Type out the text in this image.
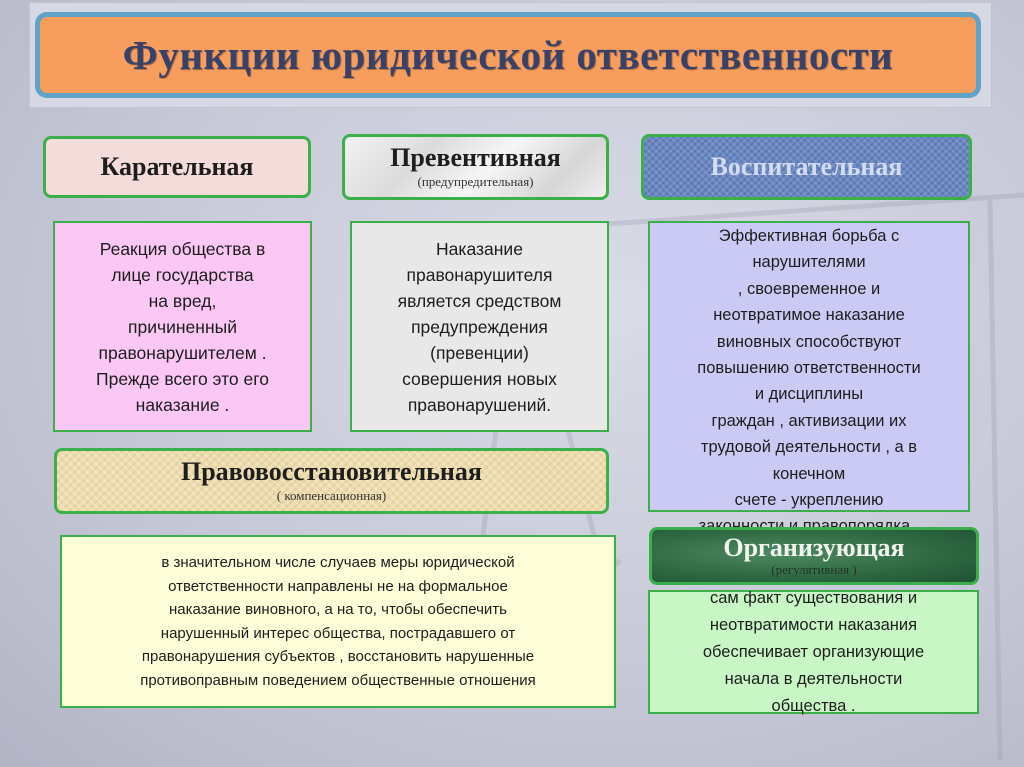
Функции юридической ответственности
Карательная
Реакция общества в
лице государства
на вред,
причиненный
правонарушителем .
Прежде всего это его
наказание .
Превентивная
(предупредительная)
Наказание
правонарушителя
является средством
предупреждения
(превенции)
совершения новых
правонарушений.
Воспитательная
Эффективная борьба с
нарушителями
, своевременное и
неотвратимое наказание
виновных способствуют
повышению ответственности
и дисциплины
граждан , активизации их
трудовой деятельности , а в
конечном
счете - укреплению

Правовосстановительная
( компенсационная)
в значительном числе случаев меры юридической
ответственности направлены не на формальное
наказание виновного, а на то, чтобы обеспечить
нарушенный интерес общества, пострадавшего от
правонарушения субъектов , восстановить нарушенные
противоправным поведением общественные отношения
Организующая
(регулятивная )
сам факт существования и
неотвратимости наказания
обеспечивает организующие
начала в деятельности
общества .
